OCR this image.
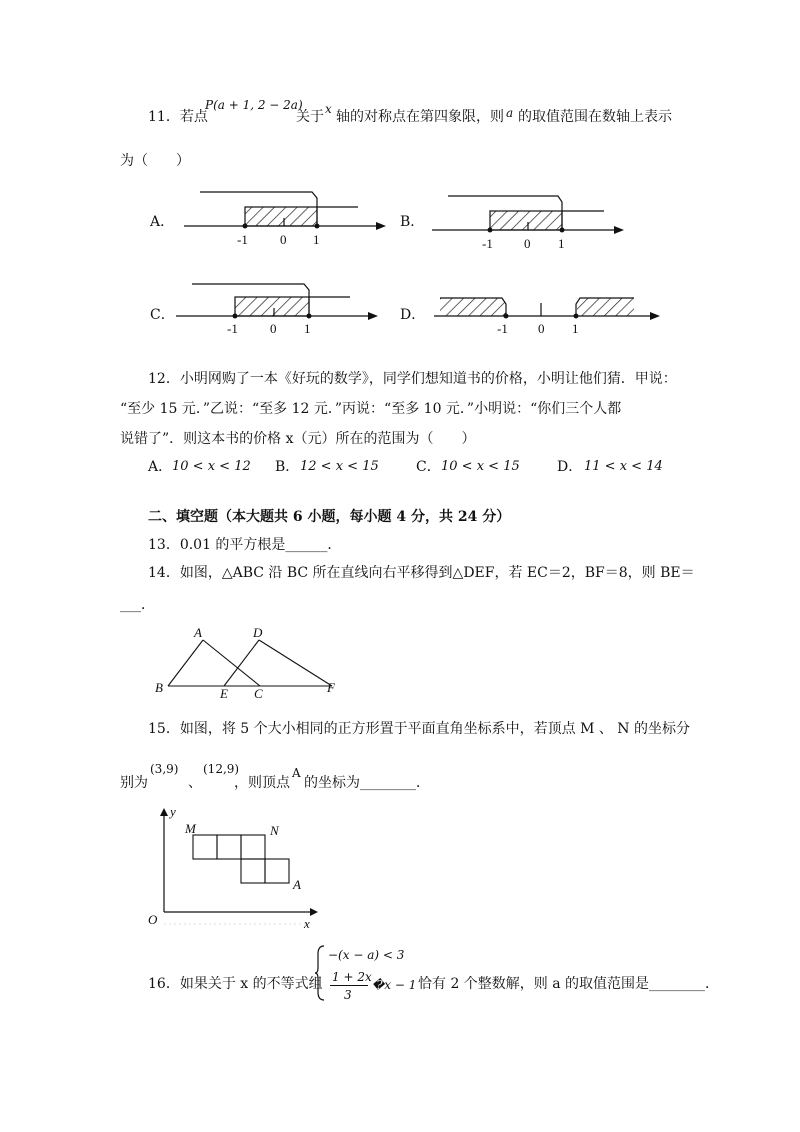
11．若点
P(a + 1, 2 − 2a)
关于 x 轴的对称点在第四象限，则 a 的取值范围在数轴上表示
为（　　）
A．
-1 0 1
B．
-1 0 1
C．
-1 0 1
D．
-1 0 1
12．小明网购了一本《好玩的数学》，同学们想知道书的价格，小明让他们猜．甲说：
“至少 15 元．”乙说：“至多 12 元．”丙说：“至多 10 元．”小明说：“你们三个人都
说错了”．则这本书的价格 x（元）所在的范围为（　　）
A． 10 < x < 12 B． 12 < x < 15	C． 10 < x < 15	D． 11 < x < 14
二、填空题（本大题共 6 小题，每小题 4 分，共 24 分）
13．0.01 的平方根是______．
14．如图，△ABC 沿 BC 所在直线向右平移得到△DEF，若 EC＝2，BF＝8，则 BE＝
___．
A	D
B	E C	F
15．如图，将 5 个大小相同的正方形置于平面直角坐标系中，若顶点 M 、 N 的坐标分
别为
(3,9)
、
(12,9)
，则顶点
A
的坐标为________．
y
x
O
M	N
A
16．如果关于 x 的不等式组
−(x − a) < 3
1 + 2x
3
�x − 1 恰有 2 个整数解，则 a 的取值范围是________．
